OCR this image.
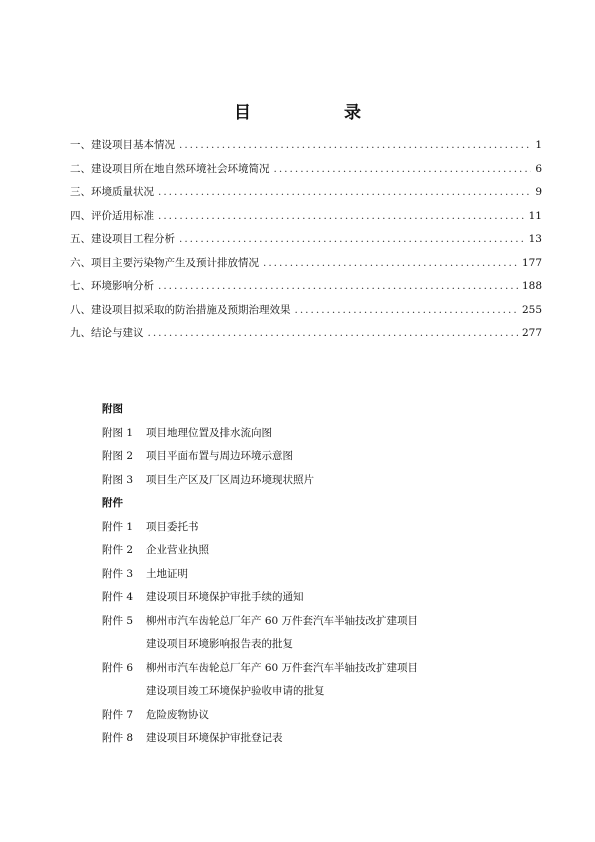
目　录
一、建设项目基本情况 .....	1
二、建设项目所在地自然环境社会环境简况 .....	6
三、环境质量状况 .....	9
四、评价适用标准 .....	11
五、建设项目工程分析 .....	13
六、项目主要污染物产生及预计排放情况 .....	177
七、环境影响分析 .....	188
八、建设项目拟采取的防治措施及预期治理效果 .....	255
九、结论与建议 .....	277
附图
附图 1	项目地理位置及排水流向图
附图 2	项目平面布置与周边环境示意图
附图 3	项目生产区及厂区周边环境现状照片
附件
附件 1	项目委托书
附件 2	企业营业执照
附件 3	土地证明
附件 4	建设项目环境保护审批手续的通知
附件 5	柳州市汽车齿轮总厂年产 60 万件套汽车半轴技改扩建项目
建设项目环境影响报告表的批复
附件 6	柳州市汽车齿轮总厂年产 60 万件套汽车半轴技改扩建项目
建设项目竣工环境保护验收申请的批复
附件 7	危险废物协议
附件 8	建设项目环境保护审批登记表
